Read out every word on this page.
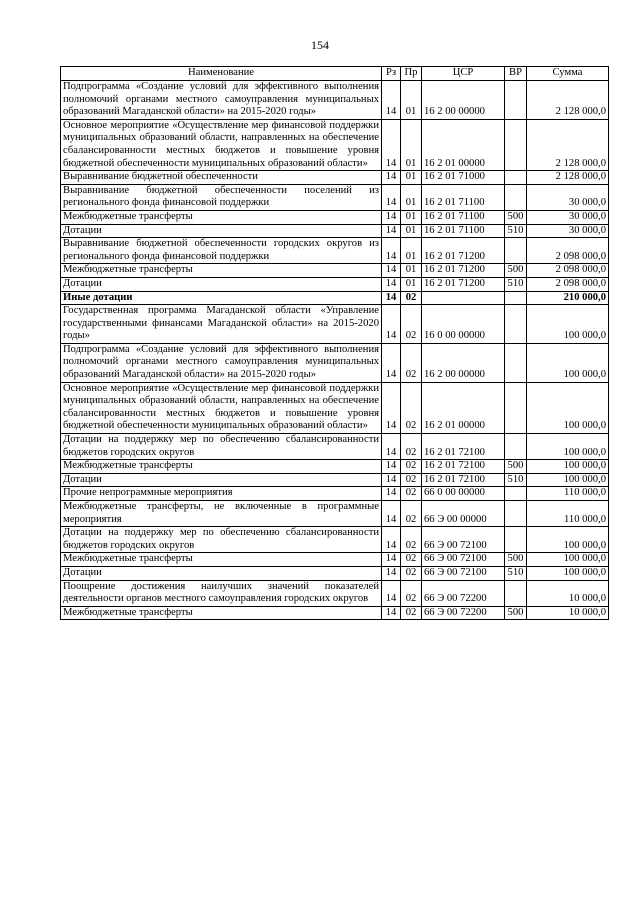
154
Наименование	Рз	Пр	ЦСР	ВР	Сумма
Подпрограмма «Создание условий для эффективного выполнения полномочий органами местного самоуправления муниципальных образований Магаданской области» на 2015-2020 годы»	14	01	16 2 00 00000		2 128 000,0
Основное мероприятие «Осуществление мер финансовой поддержки муниципальных образований области, направленных на обеспечение сбалансированности местных бюджетов и повышение уровня бюджетной обеспеченности муниципальных образований области»	14	01	16 2 01 00000		2 128 000,0
Выравнивание бюджетной обеспеченности	14	01	16 2 01 71000		2 128 000,0
Выравнивание бюджетной обеспеченности поселений из регионального фонда финансовой поддержки	14	01	16 2 01 71100		30 000,0
Межбюджетные трансферты	14	01	16 2 01 71100	500	30 000,0
Дотации	14	01	16 2 01 71100	510	30 000,0
Выравнивание бюджетной обеспеченности городских округов из регионального фонда финансовой поддержки	14	01	16 2 01 71200		2 098 000,0
Межбюджетные трансферты	14	01	16 2 01 71200	500	2 098 000,0
Дотации	14	01	16 2 01 71200	510	2 098 000,0
Иные дотации	14	02			210 000,0
Государственная программа Магаданской области «Управление государственными финансами Магаданской области» на 2015-2020 годы»	14	02	16 0 00 00000		100 000,0
Подпрограмма «Создание условий для эффективного выполнения полномочий органами местного самоуправления муниципальных образований Магаданской области» на 2015-2020 годы»	14	02	16 2 00 00000		100 000,0
Основное мероприятие «Осуществление мер финансовой поддержки муниципальных образований области, направленных на обеспечение сбалансированности местных бюджетов и повышение уровня бюджетной обеспеченности муниципальных образований области»	14	02	16 2 01 00000		100 000,0
Дотации на поддержку мер по обеспечению сбалансированности бюджетов городских округов	14	02	16 2 01 72100		100 000,0
Межбюджетные трансферты	14	02	16 2 01 72100	500	100 000,0
Дотации	14	02	16 2 01 72100	510	100 000,0
Прочие непрограммные мероприятия	14	02	66 0 00 00000		110 000,0
Межбюджетные трансферты, не включенные в программные мероприятия	14	02	66 Э 00 00000		110 000,0
Дотации на поддержку мер по обеспечению сбалансированности бюджетов городских округов	14	02	66 Э 00 72100		100 000,0
Межбюджетные трансферты	14	02	66 Э 00 72100	500	100 000,0
Дотации	14	02	66 Э 00 72100	510	100 000,0
Поощрение достижения наилучших значений показателей деятельности органов местного самоуправления городских округов	14	02	66 Э 00 72200		10 000,0
Межбюджетные трансферты	14	02	66 Э 00 72200	500	10 000,0
